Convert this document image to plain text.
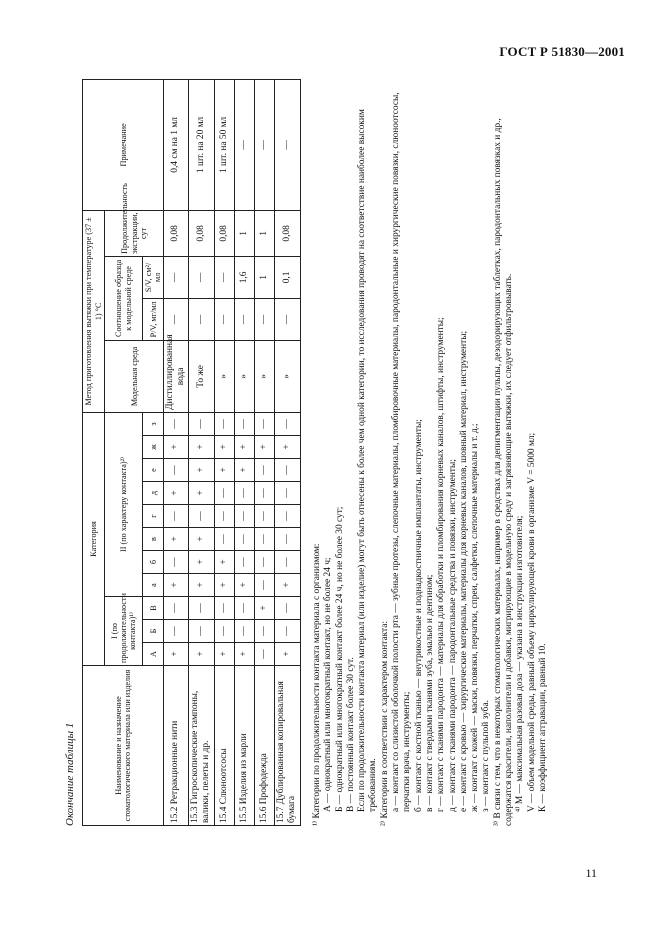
ГОСТ Р 51830—2001
Окончание таблицы 1	Наименование и назначение стоматологического материала или изделия	Категория											Метод приготовления вытяжки при температуре (37 ± 1) °С				Примечание
	I (по продолжительности контакта)¹⁾			II (по характеру контакта)²⁾								Модельная среда	Соотношение образца к модельной среде		Продолжительность экстракции, сут	
	А	Б	В	а	б	в	г	д	е	ж	з		P/V, мг/мл	S/V, см²/мл		
15.2 Ретракционные нити	+	—	—	+	—	+	—	+	—	+	—	Дистиллированная вода	—	—	0,08	0,4 см на 1 мл
15.3 Гигроскопические тампоны, валики, пелеты и др.	+	—	—	+	+	+	—	+	+	+	—	То же	—	—	0,08	1 шт. на 20 мл
15.4 Слюноотсосы	+	—	—	+	+	—	—	—	+	+	—	»	—	—	0,08	1 шт. на 50 мл
15.5 Изделия из марли	+	—	—	+	—	—	—	—	+	+	—	»	—	1,6	1	—
15.6 Профодежда	—	—	+	—	—	—	—	—	—	+	—	»	—	1	1	—
15.7 Дублированная копировальная бумага	+	—	—	+	—	—	—	—	—	+	—	»	—	0,1	0,08	—

¹⁾ Категории по продолжительности контакта материала с организмом: А — однократный или многократный контакт, но не более 24 ч; Б — однократный или многократный контакт более 24 ч, но не более 30 сут; В — постоянный контакт более 30 сут. Если по продолжительности контакта материал (или изделие) могут быть отнесены к более чем одной категории, то исследования проводят на соответствие наиболее высоким требованиям. ²⁾ Категории в соответствии с характером контакта: а — контакт со слизистой оболочкой полости рта — зубные протезы, слепочные материалы, пломбировочные материалы, пародонтальные и хирургические повязки, слюноотсосы, перчатки врача, инструменты; б — контакт с костной тканью — внутрикостные и поднадкостничные имплантаты, инструменты; в — контакт с твердыми тканями зуба, эмалью и дентином; г — контакт с тканями пародонта — материалы для обработки и пломбирования корневых каналов, штифты, инструменты; д — контакт с тканями пародонта — пародонтальные средства и повязки, инструменты; е — контакт с кровью — хирургические материалы, материалы для корневых каналов, шовный материал, инструменты; ж — контакт с кожей — маски, повязки, перчатки, спреи, салфетки, слепочные материалы и т. д.; з — контакт с пульпой зуба. ³⁾ В связи с тем, что в некоторых стоматологических материалах, например в средствах для депигментации пульпы, дезодорирующих таблетках, пародонтальных повязках и др., содержатся красители, наполнители и добавки, мигрирующие в модельную среду и загрязняющие вытяжки, их следует отфильтровывать. ⁴⁾ М — максимальная разовая доза — указана в инструкции изготовителя; V — объем модельной среды, равный объему циркулирующей крови в организме V = 5000 мл; К — коэффициент аггравации, равный 10.

11
